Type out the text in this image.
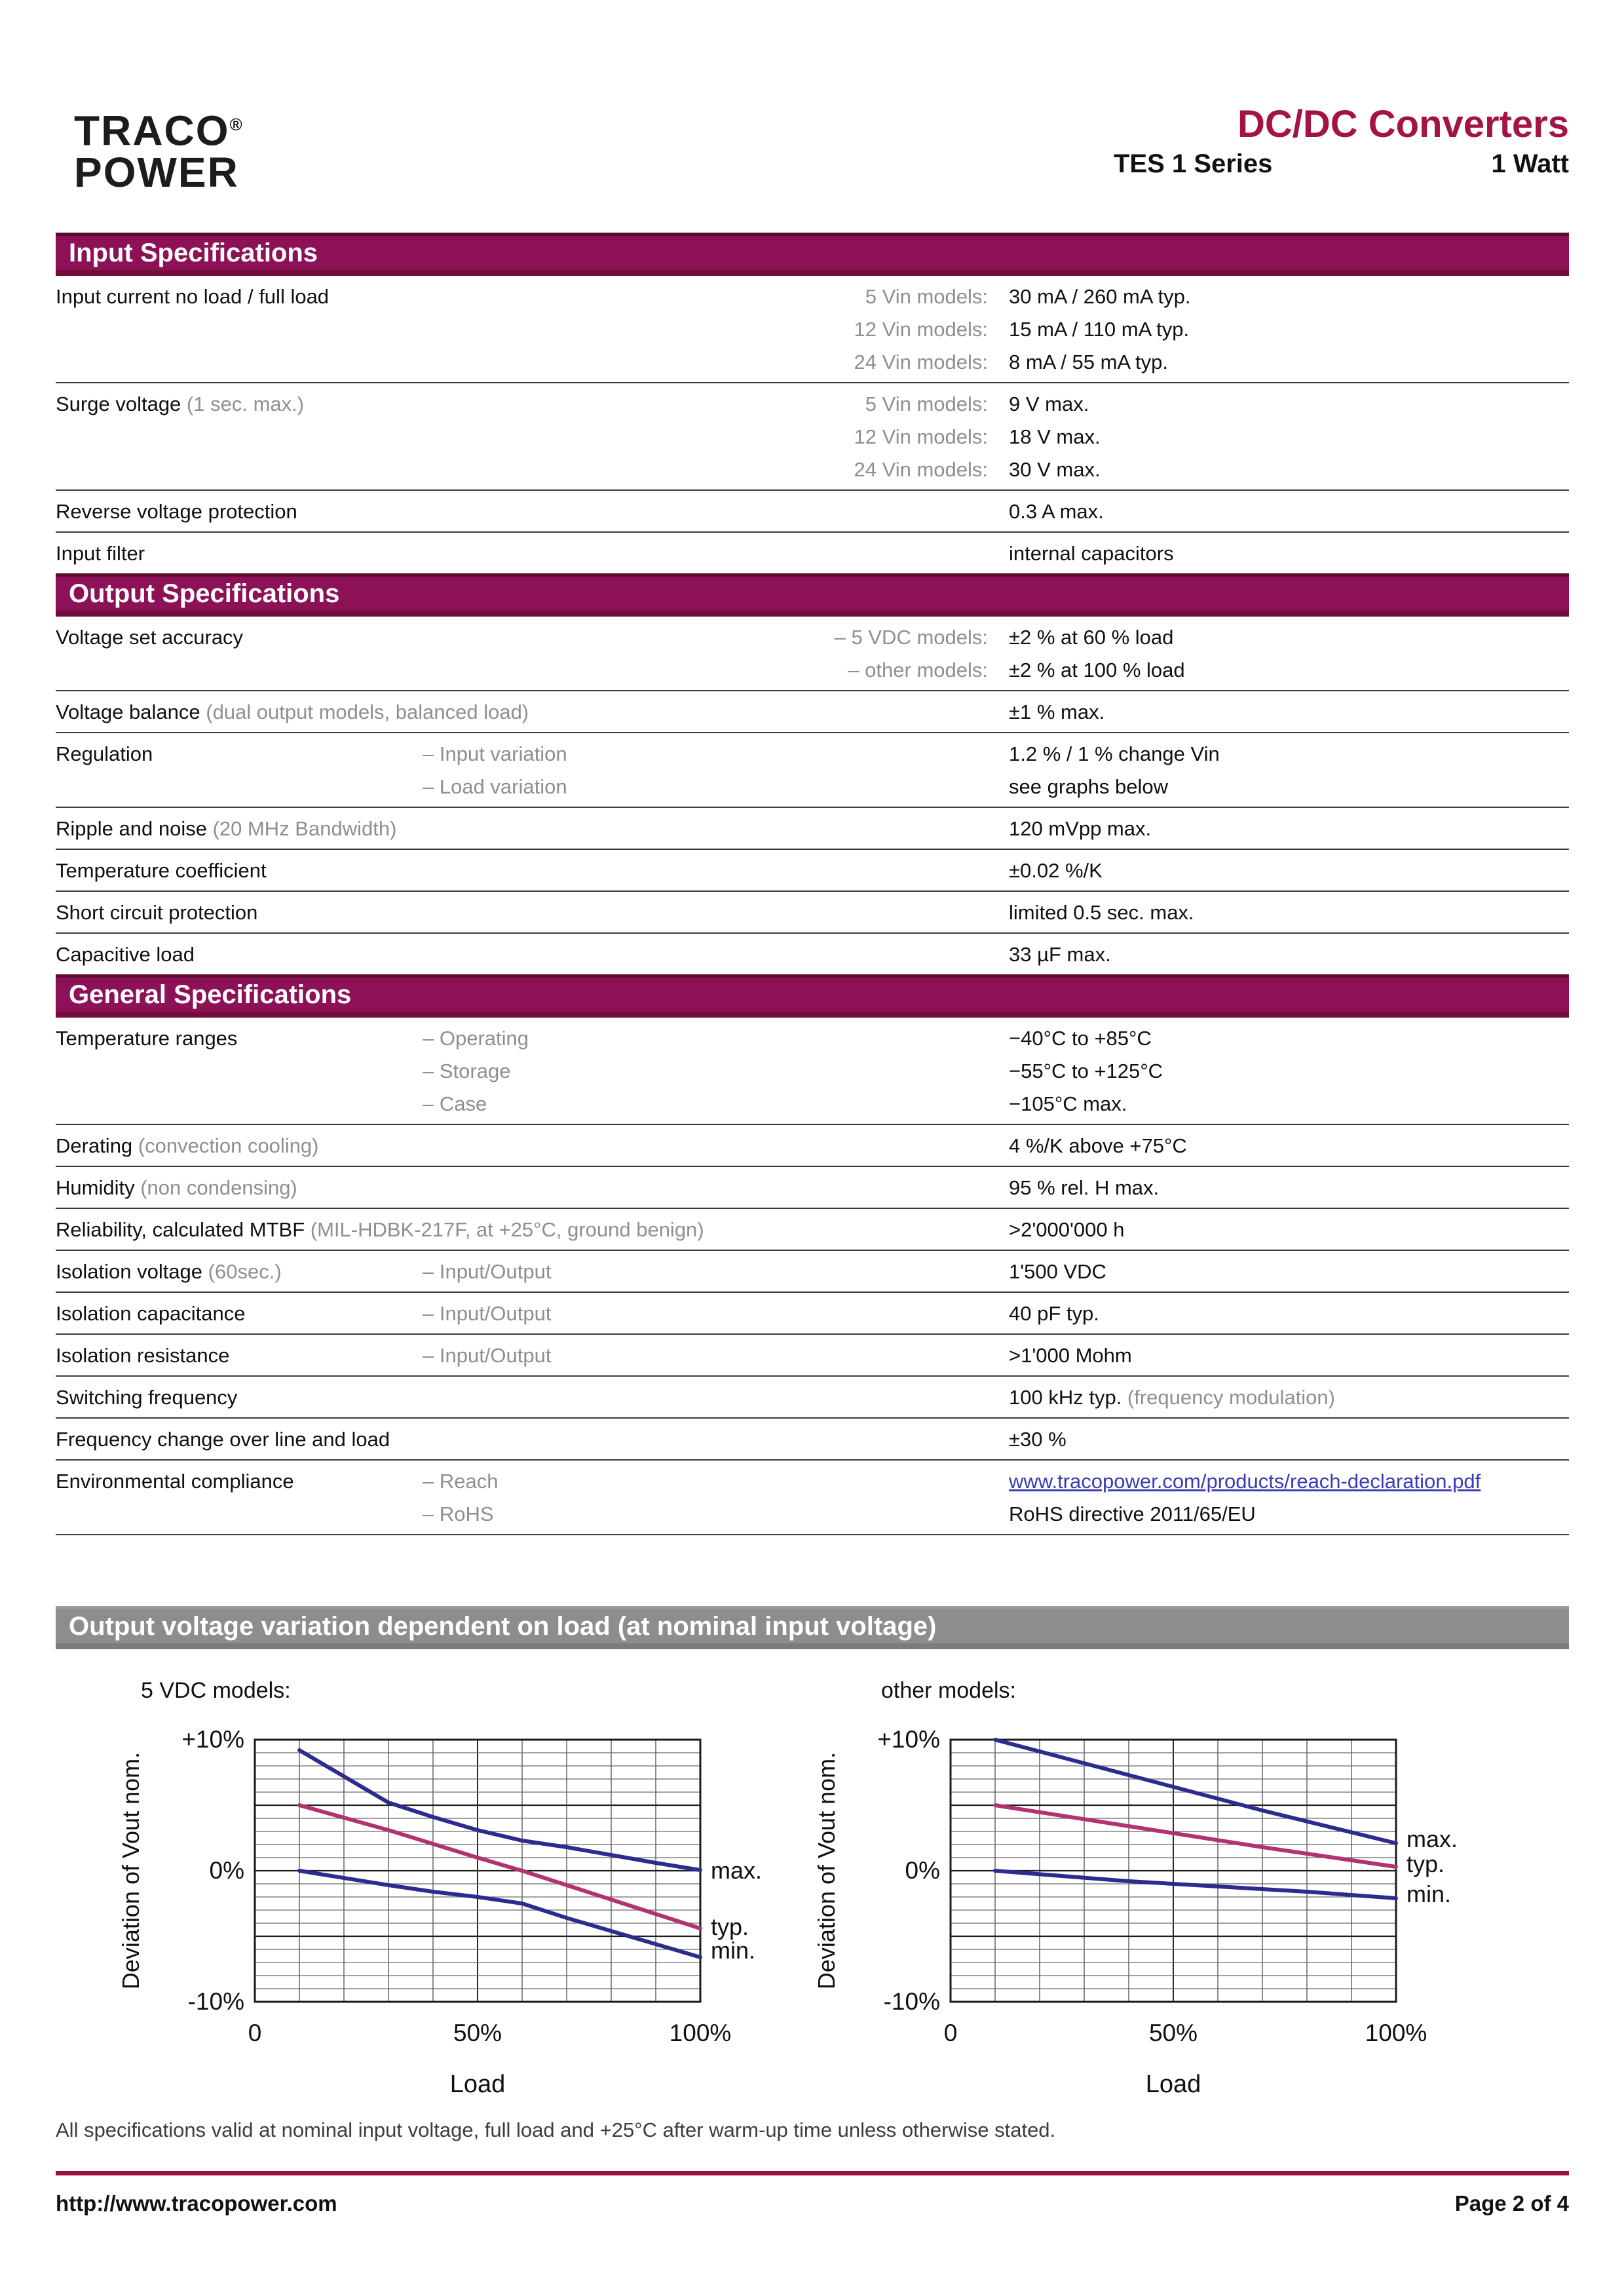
TRACO®
POWER
DC/DC Converters
TES 1 Series	1 Watt
Input Specifications
Input current no load / full load	5 Vin models: 30 mA / 260 mA typ.
12 Vin models: 15 mA / 110 mA typ.
24 Vin models: 8 mA / 55 mA typ.
Surge voltage (1 sec. max.)	5 Vin models: 9 V max.
12 Vin models: 18 V max.
24 Vin models: 30 V max.
Reverse voltage protection	0.3 A max.
Input filter	internal capacitors
Output Specifications
Voltage set accuracy	– 5 VDC models: ±2 % at 60 % load
– other models: ±2 % at 100 % load
Voltage balance (dual output models, balanced load)	±1 % max.
Regulation	– Input variation	1.2 % / 1 % change Vin
– Load variation	see graphs below
Ripple and noise (20 MHz Bandwidth)	120 mVpp max.
Temperature coefficient	±0.02 %/K
Short circuit protection	limited 0.5 sec. max.
Capacitive load	33 µF max.
General Specifications
Temperature ranges	– Operating	−40°C to +85°C
– Storage	−55°C to +125°C
– Case	−105°C max.
Derating (convection cooling)	4 %/K above +75°C
Humidity (non condensing)	95 % rel. H max.
Reliability, calculated MTBF (MIL-HDBK-217F, at +25°C, ground benign)	>2'000'000 h
Isolation voltage (60sec.)	– Input/Output	1'500 VDC
Isolation capacitance	– Input/Output	40 pF typ.
Isolation resistance	– Input/Output	>1'000 Mohm
Switching frequency	100 kHz typ. (frequency modulation)
Frequency change over line and load	±30 %
Environmental compliance	– Reach	www.tracopower.com/products/reach-declaration.pdf
– RoHS	RoHS directive 2011/65/EU
Output voltage variation dependent on load (at nominal input voltage)
5 VDC models:	other models:
max.
typ.
min.
+10%
0%
-10%
0	50%	100%
Deviation of Vout nom.
Load
max.
typ.
min.
+10%
0%
-10%
0	50%	100%
Deviation of Vout nom.
Load
All specifications valid at nominal input voltage, full load and +25°C after warm-up time unless otherwise stated.
http://www.tracopower.com	Page 2 of 4
